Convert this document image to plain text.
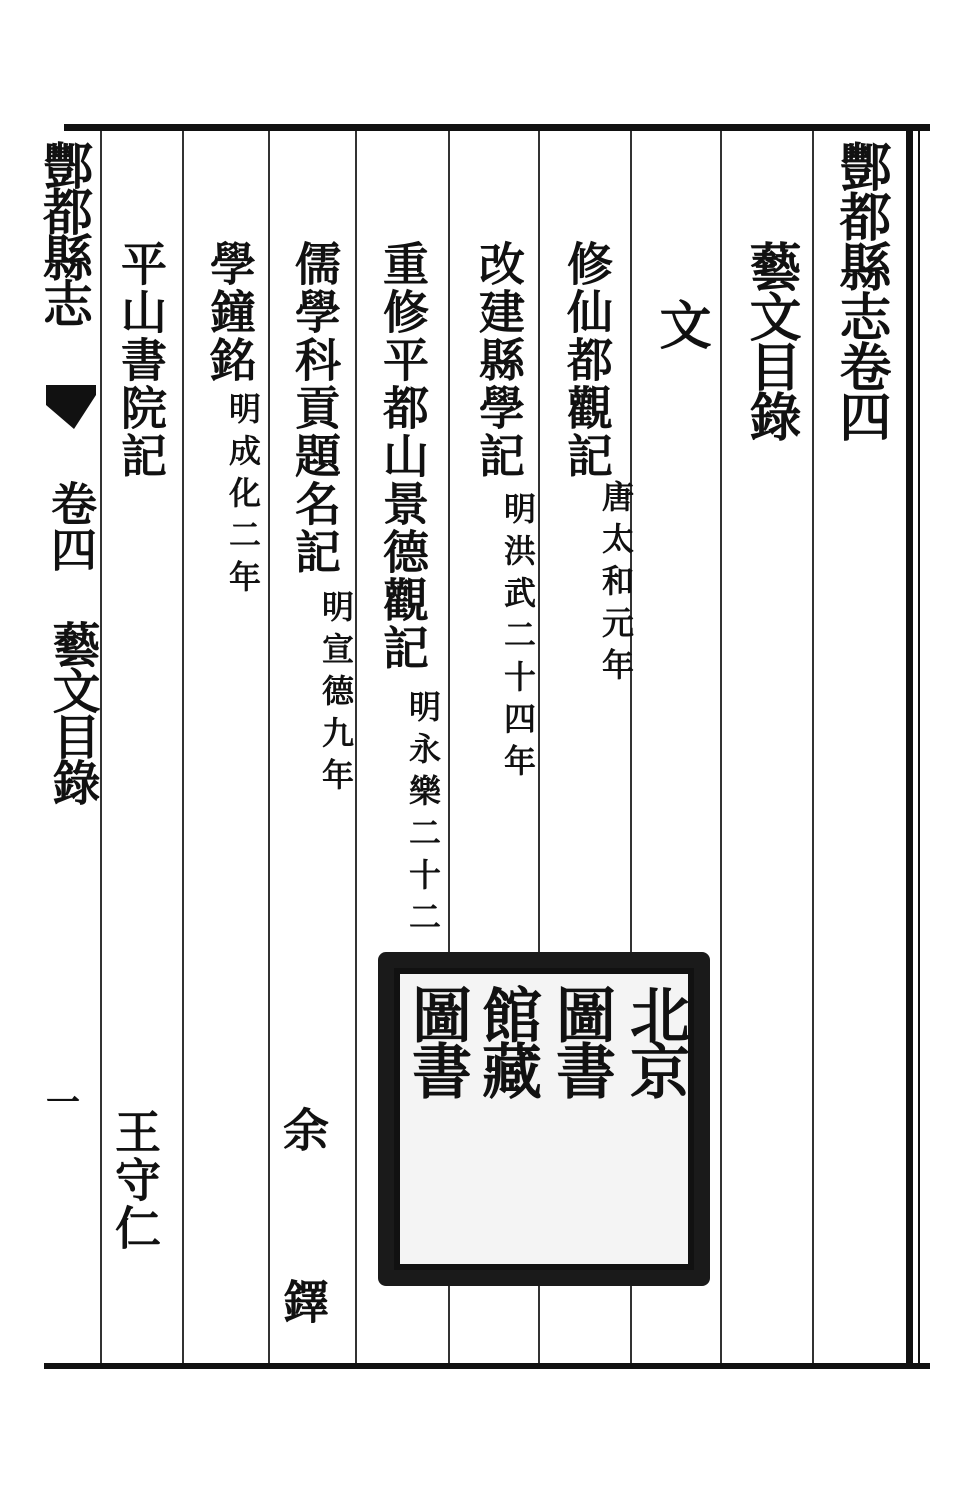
酆都縣志
卷四
藝文目錄
一
酆都縣志卷四
藝文目錄
文
修仙都觀記
唐太和元年
改建縣學記
明洪武二十四年
重修平都山景德觀記
明永樂二十二
儒學科貢題名記
明宣德九年
余　鐸
學鐘銘
明成化二年
平山書院記
王守仁
北京
圖書
館藏
圖書
